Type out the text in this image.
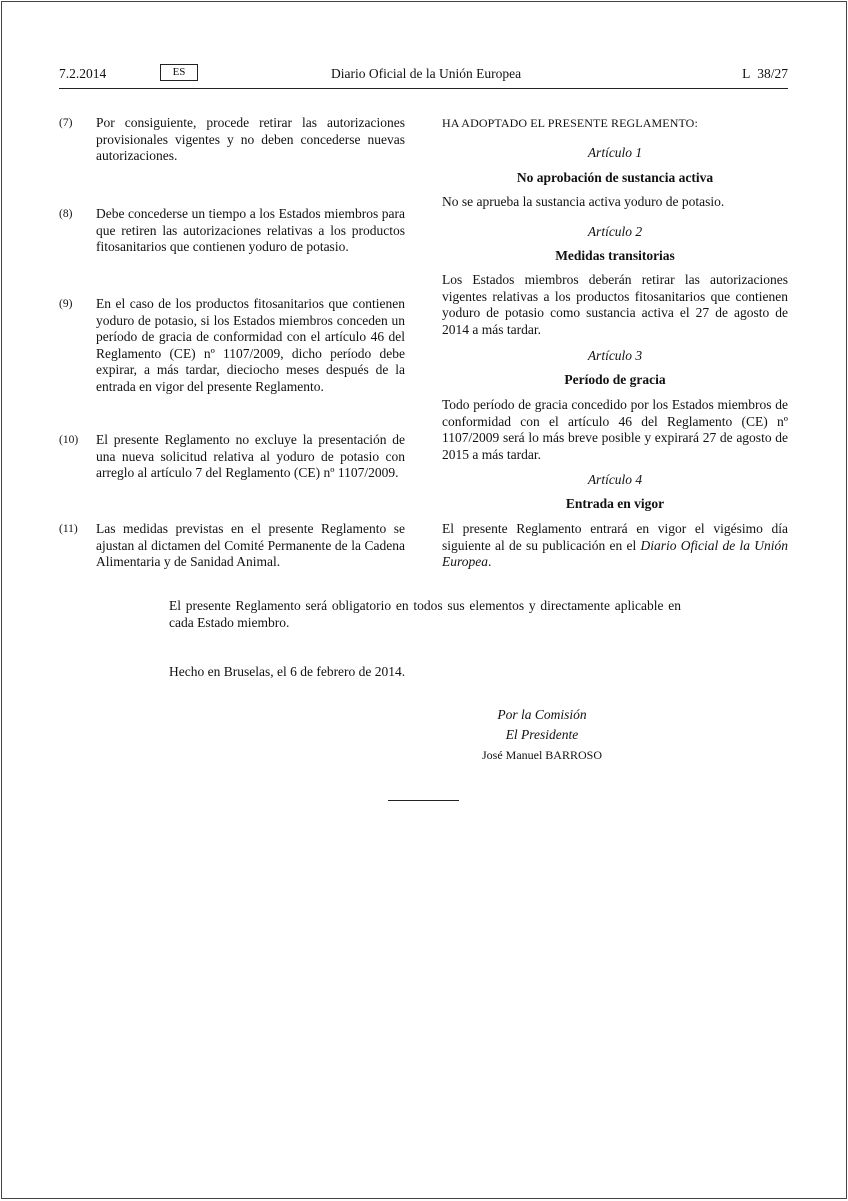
7.2.2014	ES	Diario Oficial de la Unión Europea	L 38/27
(7)	Por consiguiente, procede retirar las autorizaciones provisionales vigentes y no deben concederse nuevas autorizaciones.
(8)	Debe concederse un tiempo a los Estados miembros para que retiren las autorizaciones relativas a los productos fitosanitarios que contienen yoduro de potasio.
(9)	En el caso de los productos fitosanitarios que contienen yoduro de potasio, si los Estados miembros conceden un período de gracia de conformidad con el artículo 46 del Reglamento (CE) nº 1107/2009, dicho período debe expirar, a más tardar, dieciocho meses después de la entrada en vigor del presente Reglamento.
(10)	El presente Reglamento no excluye la presentación de una nueva solicitud relativa al yoduro de potasio con arreglo al artículo 7 del Reglamento (CE) nº 1107/2009.
(11)	Las medidas previstas en el presente Reglamento se ajustan al dictamen del Comité Permanente de la Cadena Alimentaria y de Sanidad Animal.
HA ADOPTADO EL PRESENTE REGLAMENTO:
Artículo 1
No aprobación de sustancia activa
No se aprueba la sustancia activa yoduro de potasio.
Artículo 2
Medidas transitorias
Los Estados miembros deberán retirar las autorizaciones vigentes relativas a los productos fitosanitarios que contienen yoduro de potasio como sustancia activa el 27 de agosto de 2014 a más tardar.
Artículo 3
Período de gracia
Todo período de gracia concedido por los Estados miembros de conformidad con el artículo 46 del Reglamento (CE) nº 1107/2009 será lo más breve posible y expirará 27 de agosto de 2015 a más tardar.
Artículo 4
Entrada en vigor
El presente Reglamento entrará en vigor el vigésimo día siguiente al de su publicación en el Diario Oficial de la Unión Europea.
El presente Reglamento será obligatorio en todos sus elementos y directamente aplicable en cada Estado miembro.
Hecho en Bruselas, el 6 de febrero de 2014.
Por la Comisión
El Presidente
José Manuel BARROSO
